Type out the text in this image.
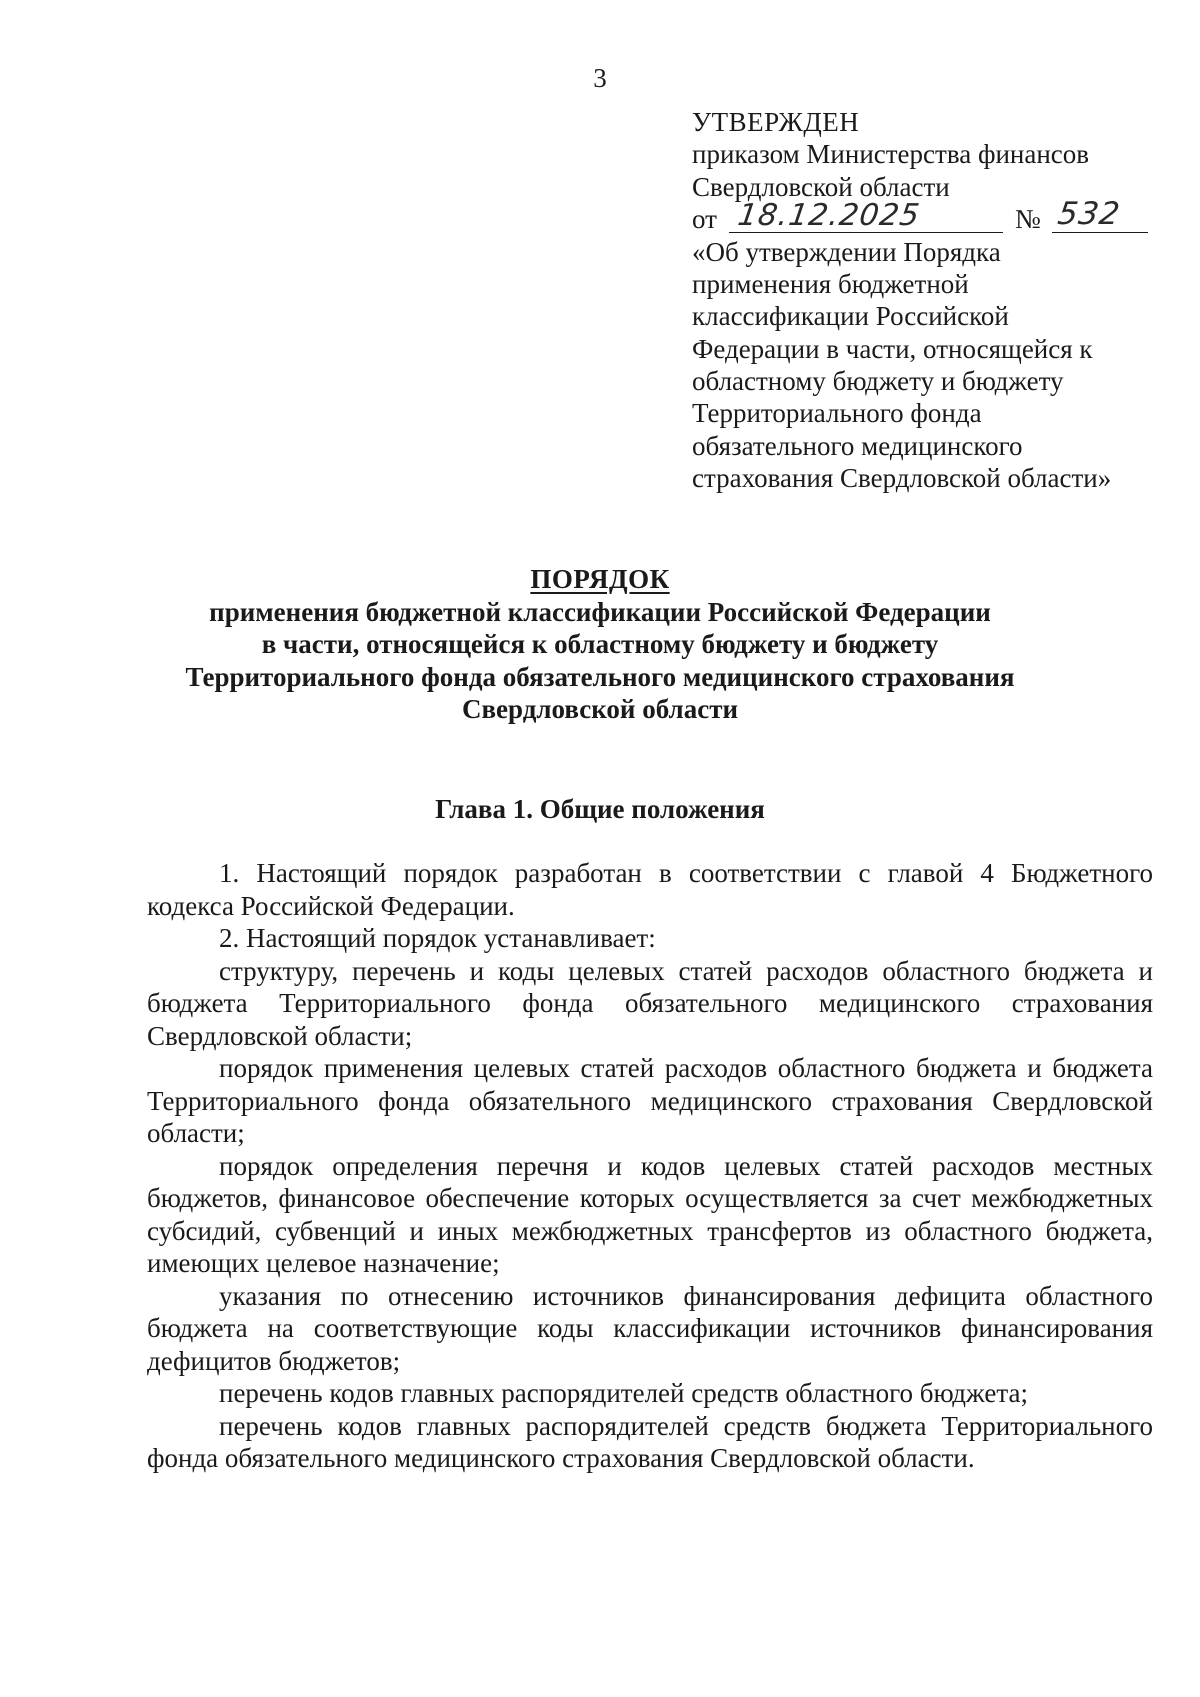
3
УТВЕРЖДЕН
приказом Министерства финансов
Свердловской области
от 18.12.2025	№ 532
«Об утверждении Порядка
применения бюджетной
классификации Российской
Федерации в части, относящейся к
областному бюджету и бюджету
Территориального фонда
обязательного медицинского
страхования Свердловской области»
ПОРЯДОК
применения бюджетной классификации Российской Федерации
в части, относящейся к областному бюджету и бюджету
Территориального фонда обязательного медицинского страхования
Свердловской области
Глава 1. Общие положения

1. Настоящий порядок разработан в соответствии с главой 4 Бюджетного кодекса Российской Федерации.

2. Настоящий порядок устанавливает:

структуру, перечень и коды целевых статей расходов областного бюджета и бюджета Территориального фонда обязательного медицинского страхования Свердловской области;

порядок применения целевых статей расходов областного бюджета и бюджета Территориального фонда обязательного медицинского страхования Свердловской области;

порядок определения перечня и кодов целевых статей расходов местных бюджетов, финансовое обеспечение которых осуществляется за счет межбюджетных субсидий, субвенций и иных межбюджетных трансфертов из областного бюджета, имеющих целевое назначение;

указания по отнесению источников финансирования дефицита областного бюджета на соответствующие коды классификации источников финансирования дефицитов бюджетов;

перечень кодов главных распорядителей средств областного бюджета;

перечень кодов главных распорядителей средств бюджета Территориального фонда обязательного медицинского страхования Свердловской области.
